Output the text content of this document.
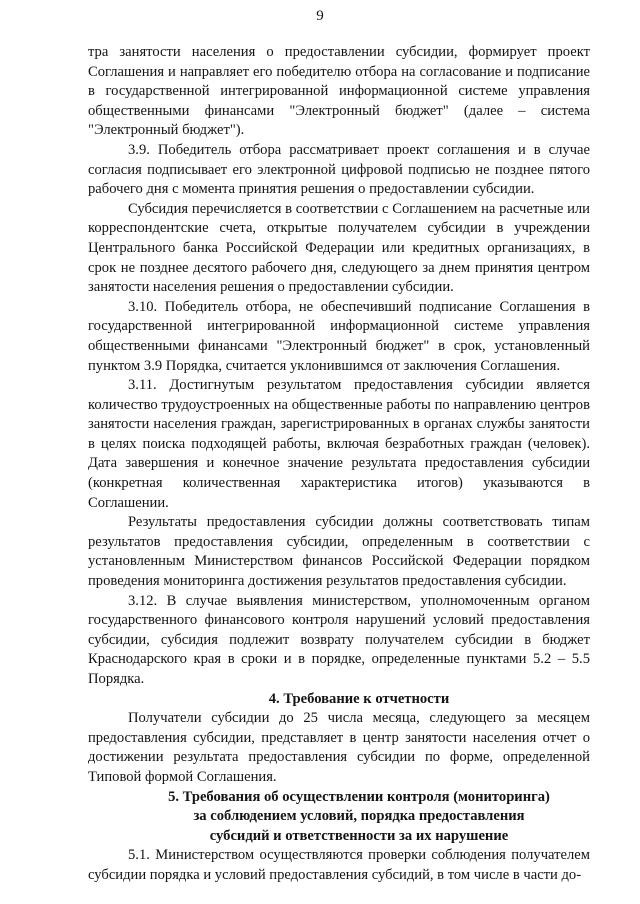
9

тра занятости населения о предоставлении субсидии, формирует проект Соглашения и направляет его победителю отбора на согласование и подписание в государственной интегрированной информационной системе управления общественными финансами "Электронный бюджет" (далее – система "Электронный бюджет").

3.9. Победитель отбора рассматривает проект соглашения и в случае согласия подписывает его электронной цифровой подписью не позднее пятого рабочего дня с момента принятия решения о предоставлении субсидии.

Субсидия перечисляется в соответствии с Соглашением на расчетные или корреспондентские счета, открытые получателем субсидии в учреждении Центрального банка Российской Федерации или кредитных организациях, в срок не позднее десятого рабочего дня, следующего за днем принятия центром занятости населения решения о предоставлении субсидии.

3.10. Победитель отбора, не обеспечивший подписание Соглашения в государственной интегрированной информационной системе управления общественными финансами "Электронный бюджет" в срок, установленный пунктом 3.9 Порядка, считается уклонившимся от заключения Соглашения.

3.11. Достигнутым результатом предоставления субсидии является количество трудоустроенных на общественные работы по направлению центров занятости населения граждан, зарегистрированных в органах службы занятости в целях поиска подходящей работы, включая безработных граждан (человек). Дата завершения и конечное значение результата предоставления субсидии (конкретная количественная характеристика итогов) указываются в Соглашении.

Результаты предоставления субсидии должны соответствовать типам результатов предоставления субсидии, определенным в соответствии с установленным Министерством финансов Российской Федерации порядком проведения мониторинга достижения результатов предоставления субсидии.

3.12. В случае выявления министерством, уполномоченным органом государственного финансового контроля нарушений условий предоставления субсидии, субсидия подлежит возврату получателем субсидии в бюджет Краснодарского края в сроки и в порядке, определенные пунктами 5.2 – 5.5 Порядка.

4. Требование к отчетности

Получатели субсидии до 25 числа месяца, следующего за месяцем предоставления субсидии, представляет в центр занятости населения отчет о достижении результата предоставления субсидии по форме, определенной Типовой формой Соглашения.

5. Требования об осуществлении контроля (мониторинга)
за соблюдением условий, порядка предоставления
субсидий и ответственности за их нарушение

5.1. Министерством осуществляются проверки соблюдения получателем субсидии порядка и условий предоставления субсидий, в том числе в части до-
